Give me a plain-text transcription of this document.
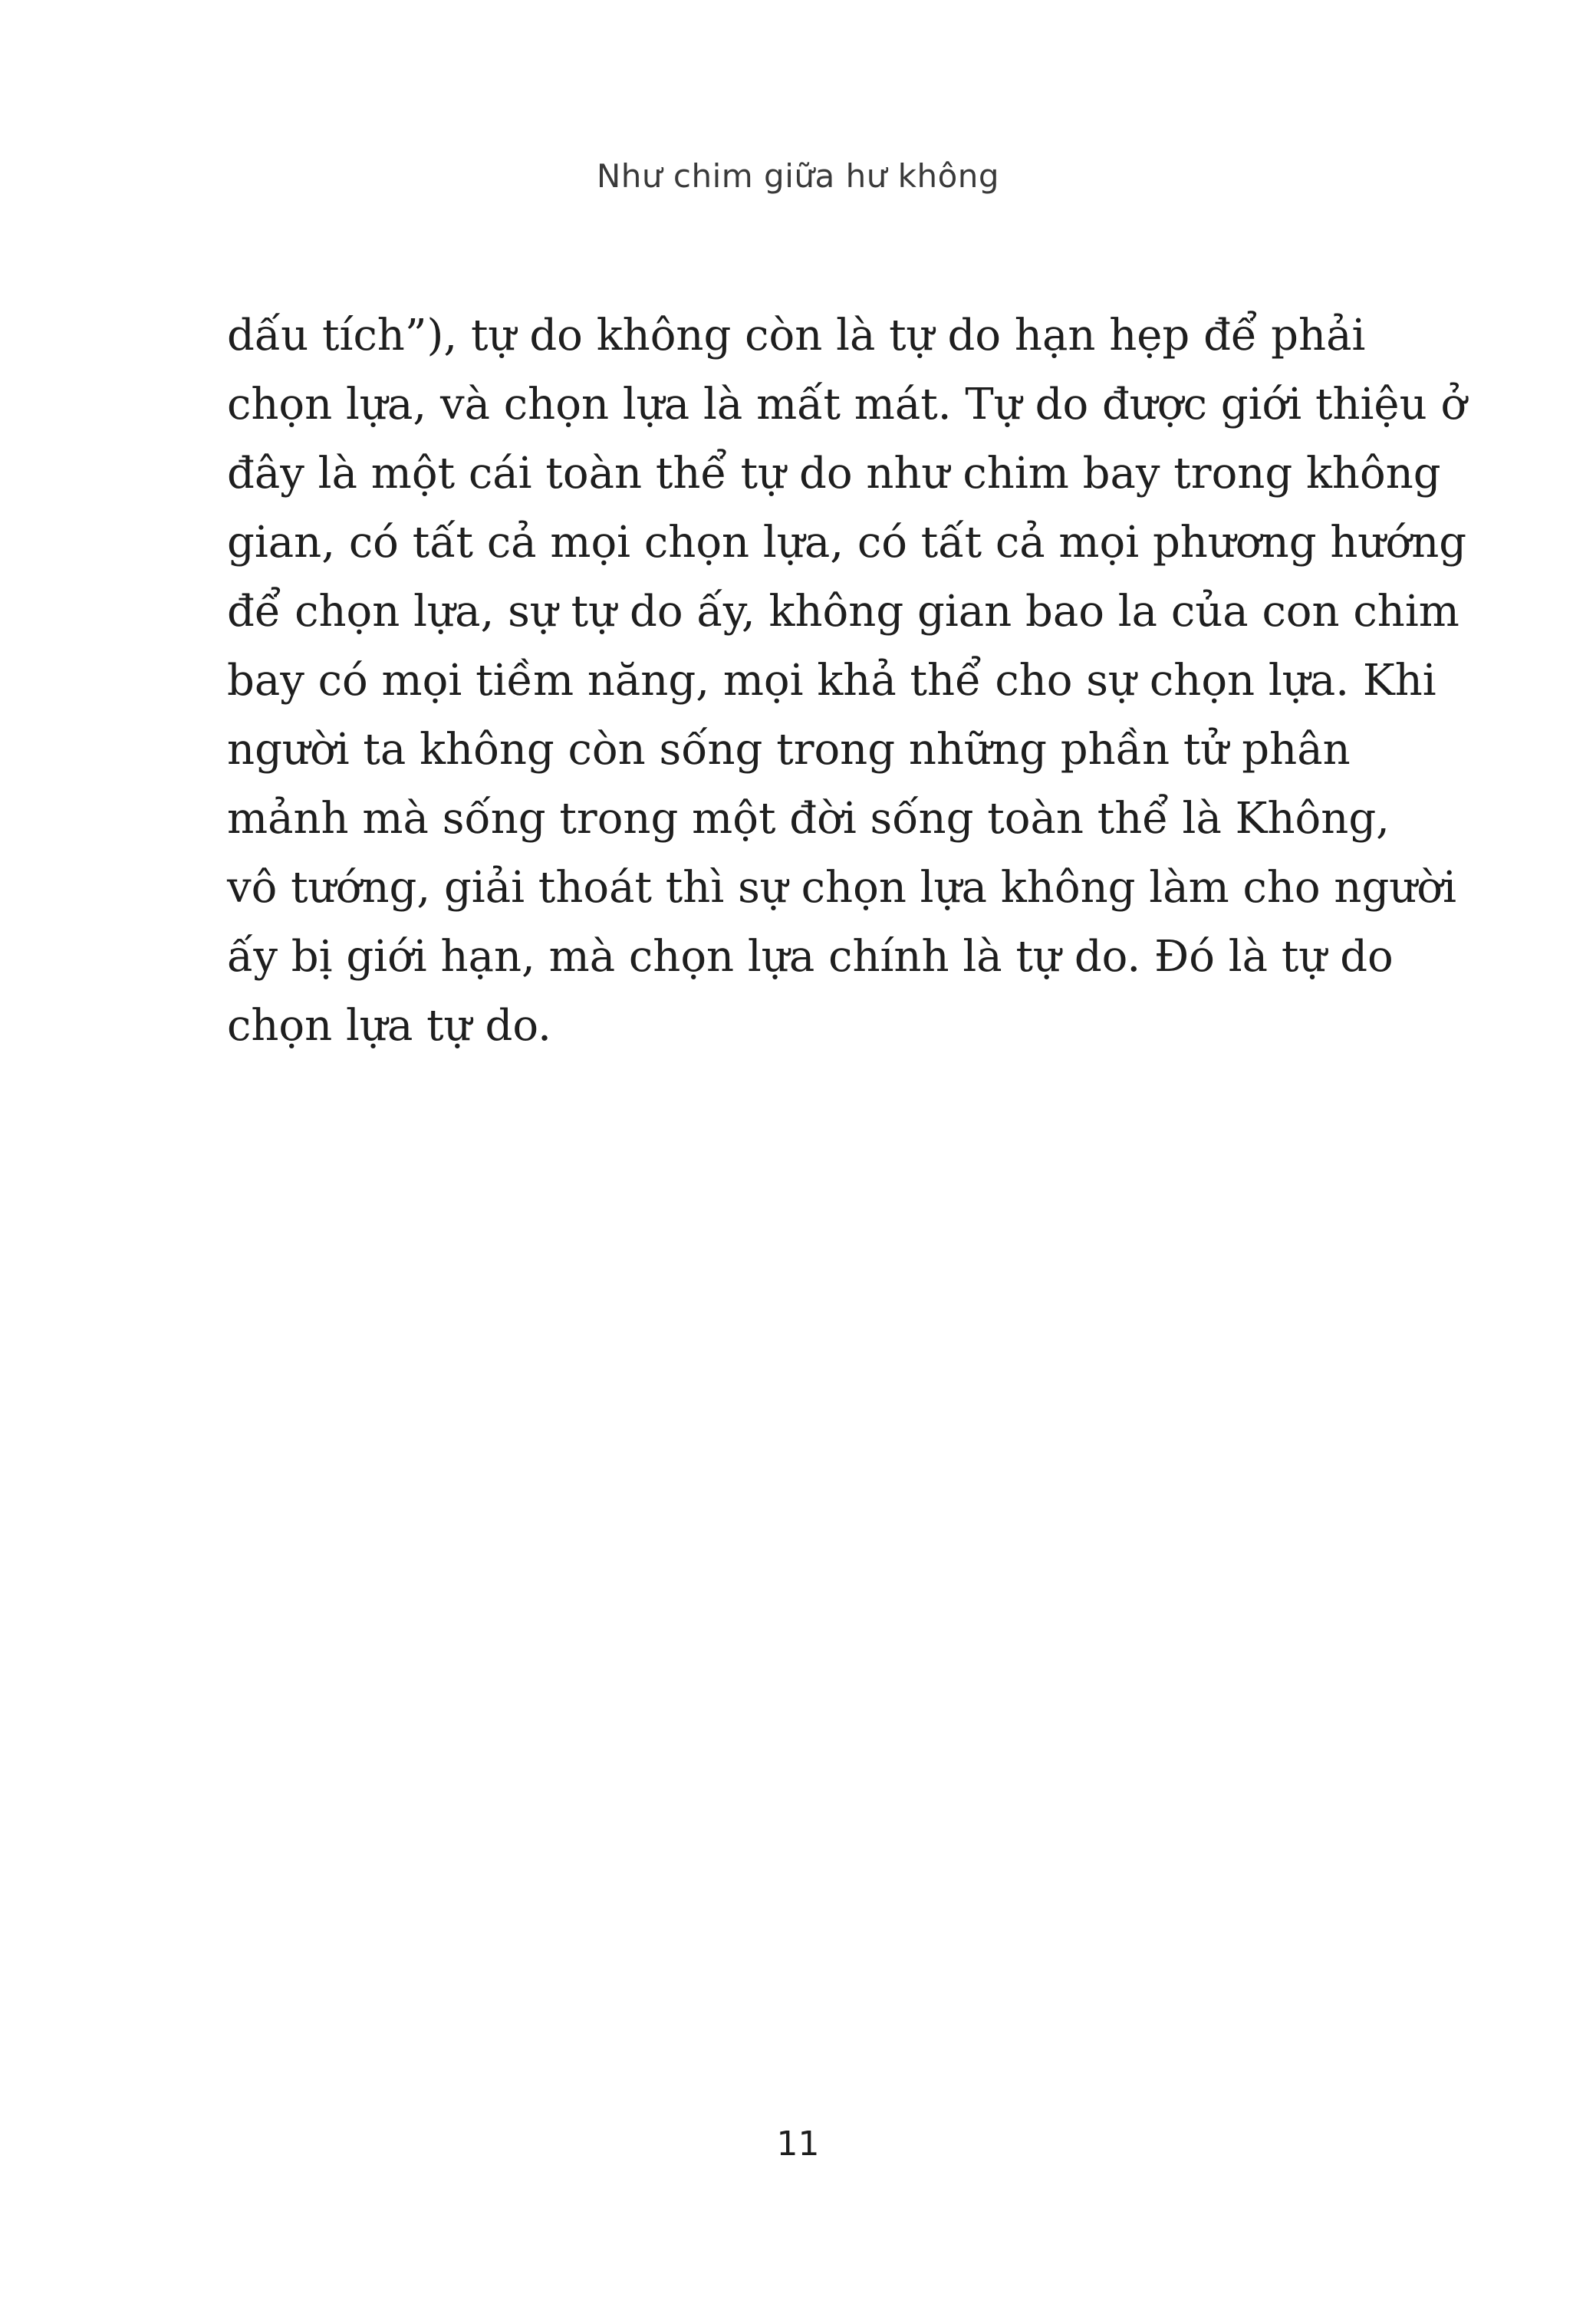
Như chim giữa hư không
dấu tích”), tự do không còn là tự do hạn hẹp để phải
chọn lựa, và chọn lựa là mất mát. Tự do được giới thiệu ở
đây là một cái toàn thể tự do như chim bay trong không
gian, có tất cả mọi chọn lựa, có tất cả mọi phương hướng
để chọn lựa, sự tự do ấy, không gian bao la của con chim
bay có mọi tiềm năng, mọi khả thể cho sự chọn lựa. Khi
người ta không còn sống trong những phần tử phân
mảnh mà sống trong một đời sống toàn thể là Không,
vô tướng, giải thoát thì sự chọn lựa không làm cho người
ấy bị giới hạn, mà chọn lựa chính là tự do. Đó là tự do
chọn lựa tự do.
11
